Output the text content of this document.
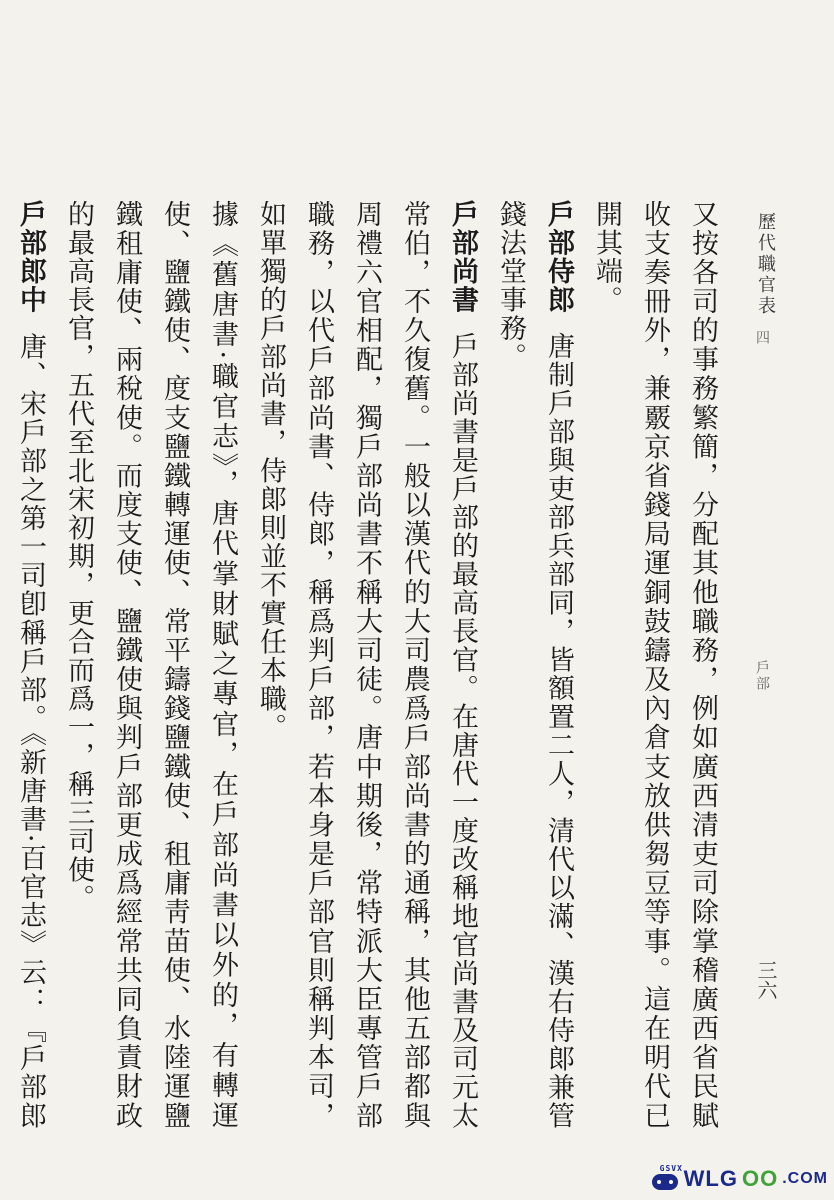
歷代職官表
四
戶部
三六

又按各司的事務繁簡，分配其他職務，例如廣西清吏司除掌稽廣西省民賦收支奏冊外，兼覈京省錢局運銅鼓鑄及內倉支放供芻豆等事。這在明代已開其端。

戶部侍郎唐制戶部與吏部兵部同，皆額置二人，清代以滿、漢右侍郞兼管錢法堂事務。

戶部尚書戶部尚書是戶部的最高長官。在唐代一度改稱地官尚書及司元太常伯，不久復舊。一般以漢代的大司農爲戶部尚書的通稱，其他五部都與周禮六官相配，獨戶部尚書不稱大司徒。唐中期後，常特派大臣專管戶部職務，以代戶部尚書、侍郞，稱爲判戶部，若本身是戶部官則稱判本司，如單獨的戶部尚書，侍郞則並不實任本職。

據《舊唐書·職官志》，唐代掌財賦之專官，在戶部尚書以外的，有轉運使、鹽鐵使、度支鹽鐵轉運使、常平鑄錢鹽鐵使、租庸靑苗使、水陸運鹽鐵租庸使、兩稅使。而度支使、鹽鐵使與判戶部更成爲經常共同負責財政的最高長官，五代至北宋初期，更合而爲一，稱三司使。

戶部郎中唐、宋戶部之第一司卽稱戶部。《新唐書·百官志》云：『戶部郎

GSVX WLG OO .COM
